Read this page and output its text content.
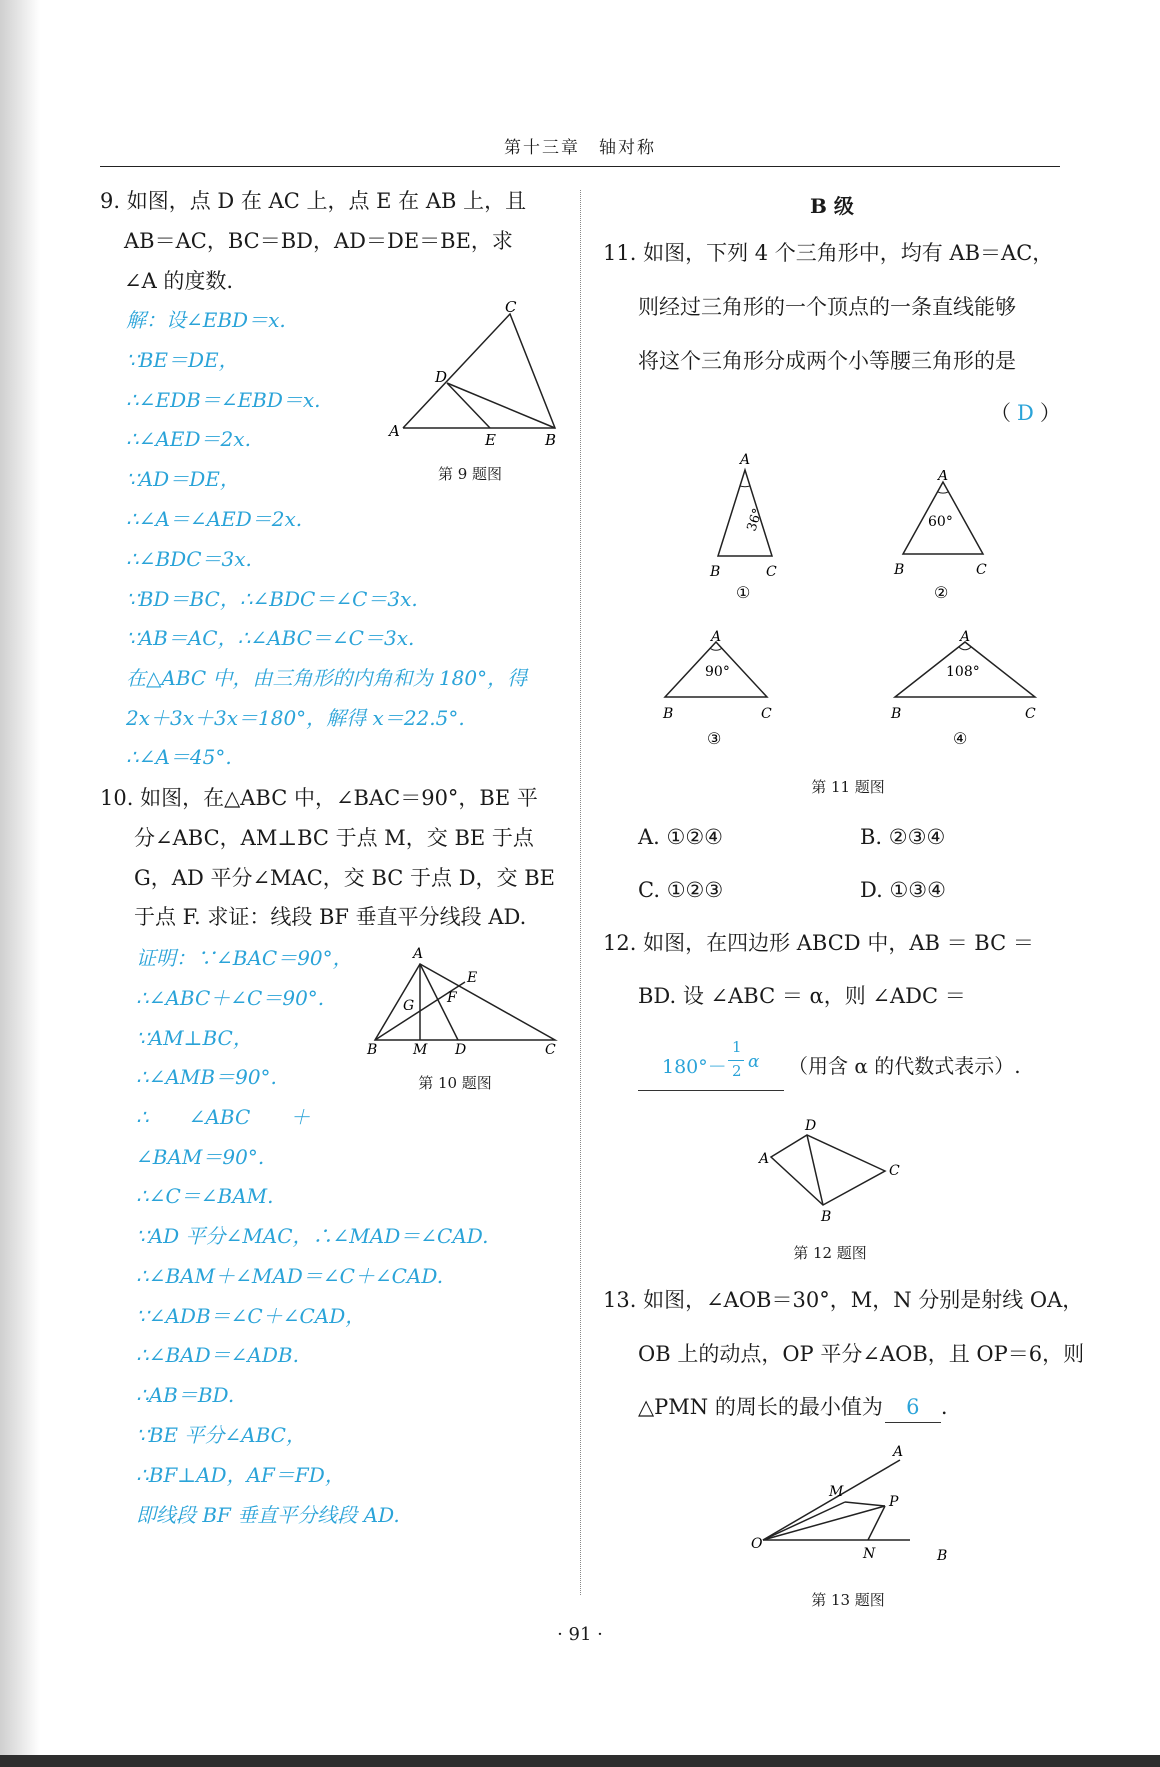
第十三章　轴对称
9. 如图，点 D 在 AC 上，点 E 在 AB 上，且
AB＝AC，BC＝BD，AD＝DE＝BE，求
∠A 的度数.
解：设∠EBD＝x.
∵BE＝DE，
∴∠EDB＝∠EBD＝x.
∴∠AED＝2x.
∵AD＝DE，
∴∠A＝∠AED＝2x.
∴∠BDC＝3x.
∵BD＝BC，∴∠BDC＝∠C＝3x.
∵AB＝AC，∴∠ABC＝∠C＝3x.
在△ABC 中，由三角形的内角和为 180°，得
2x＋3x＋3x＝180°，解得 x＝22.5°.
∴∠A＝45°.
A
C
D
E	B
第 9 题图
10. 如图，在△ABC 中，∠BAC＝90°，BE 平
分∠ABC，AM⊥BC 于点 M，交 BE 于点
G，AD 平分∠MAC，交 BC 于点 D，交 BE
于点 F. 求证：线段 BF 垂直平分线段 AD.
证明：∵∠BAC＝90°，
∴∠ABC＋∠C＝90°.
∵AM⊥BC，
∴∠AMB＝90°.
∴　　∠ABC　　＋
∠BAM＝90°.
∴∠C＝∠BAM.
∵AD 平分∠MAC，∴∠MAD＝∠CAD.
∴∠BAM＋∠MAD＝∠C＋∠CAD.
∵∠ADB＝∠C＋∠CAD，
∴∠BAD＝∠ADB.
∴AB＝BD.
∵BE 平分∠ABC，
∴BF⊥AD，AF＝FD，
即线段 BF 垂直平分线段 AD.
A
E
F
G
B	M D	C
第 10 题图
B 级
11. 如图，下列 4 个三角形中，均有 AB＝AC，
则经过三角形的一个顶点的一条直线能够
将这个三角形分成两个小等腰三角形的是
（ D ）
A
B	C
36°
①
A
B	C
60°
②
A
B	C
90°
③
A
B	C
108°
④
第 11 题图
A. ①②④	B. ②③④
C. ①②③	D. ①③④
12. 如图，在四边形 ABCD 中，AB ＝ BC ＝
BD. 设 ∠ABC ＝ α，则 ∠ADC ＝
180°－
1
2 α （用含 α 的代数式表示）.
D
A
C
B
第 12 题图
13. 如图，∠AOB＝30°，M，N 分别是射线 OA，
OB 上的动点，OP 平分∠AOB，且 OP＝6，则
△PMN 的周长的最小值为 6 .
A
M
P
O
N	B
第 13 题图
· 91 ·
